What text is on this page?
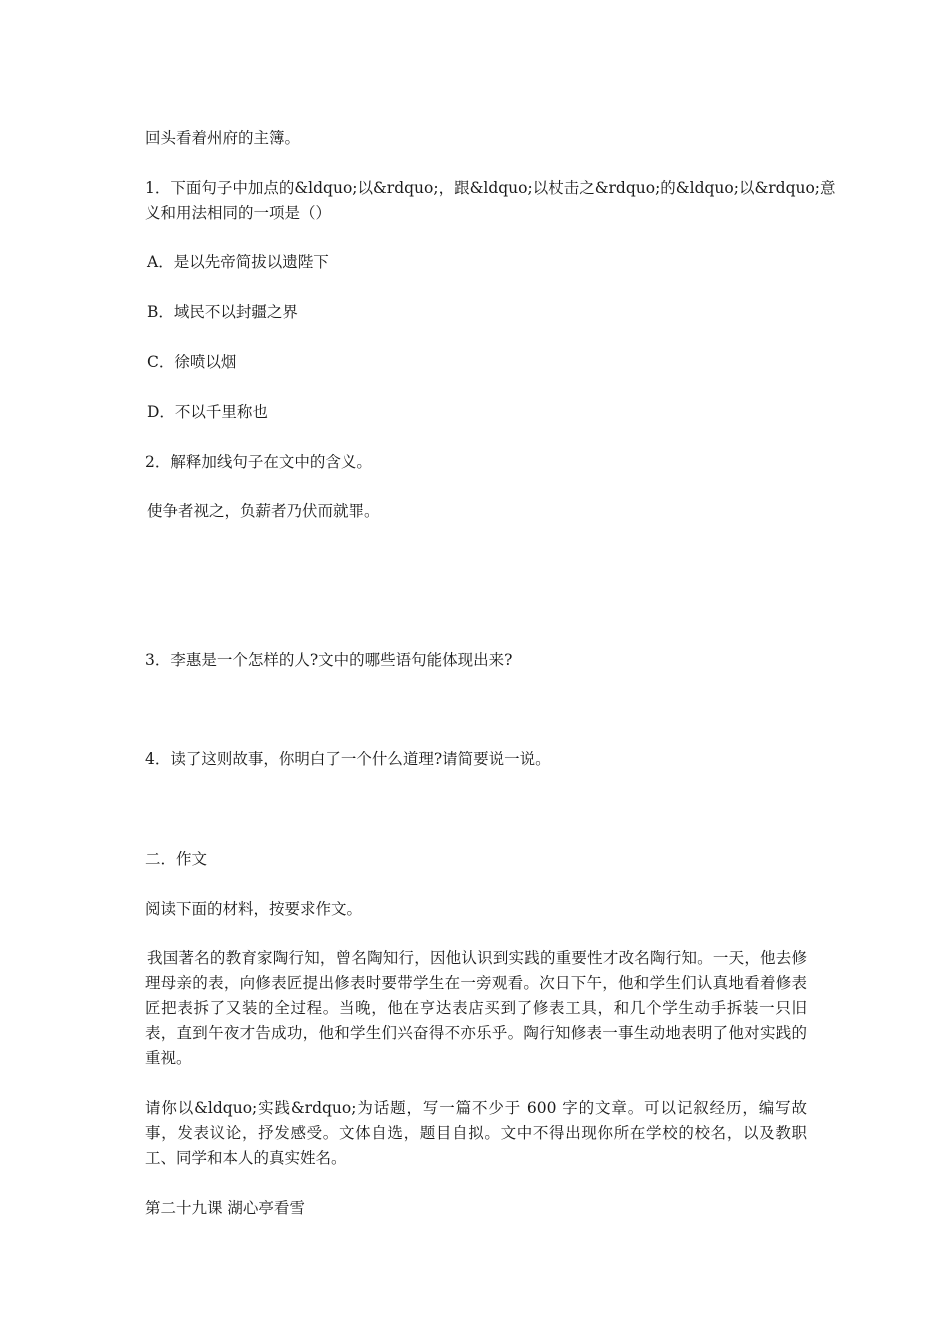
回头看着州府的主簿。
1．下面句子中加点的&ldquo;以&rdquo;，跟&ldquo;以杖击之&rdquo;的&ldquo;以&rdquo;意
义和用法相同的一项是（）
A．是以先帝简拔以遗陛下
B．域民不以封疆之界
C．徐喷以烟
D．不以千里称也
2．解释加线句子在文中的含义。
使争者视之，负薪者乃伏而就罪。
3．李惠是一个怎样的人?文中的哪些语句能体现出来?
4．读了这则故事，你明白了一个什么道理?请简要说一说。
二．作文
阅读下面的材料，按要求作文。
我国著名的教育家陶行知，曾名陶知行，因他认识到实践的重要性才改名陶行知。一天，他去修理母亲的表，向修表匠提出修表时要带学生在一旁观看。次日下午，他和学生们认真地看着修表匠把表拆了又装的全过程。当晚，他在亨达表店买到了修表工具，和几个学生动手拆装一只旧表，直到午夜才告成功，他和学生们兴奋得不亦乐乎。陶行知修表一事生动地表明了他对实践的重视。
请你以&ldquo;实践&rdquo;为话题，写一篇不少于 600 字的文章。可以记叙经历，编写故事，发表议论，抒发感受。文体自选，题目自拟。文中不得出现你所在学校的校名，以及教职工、同学和本人的真实姓名。
第二十九课 湖心亭看雪
